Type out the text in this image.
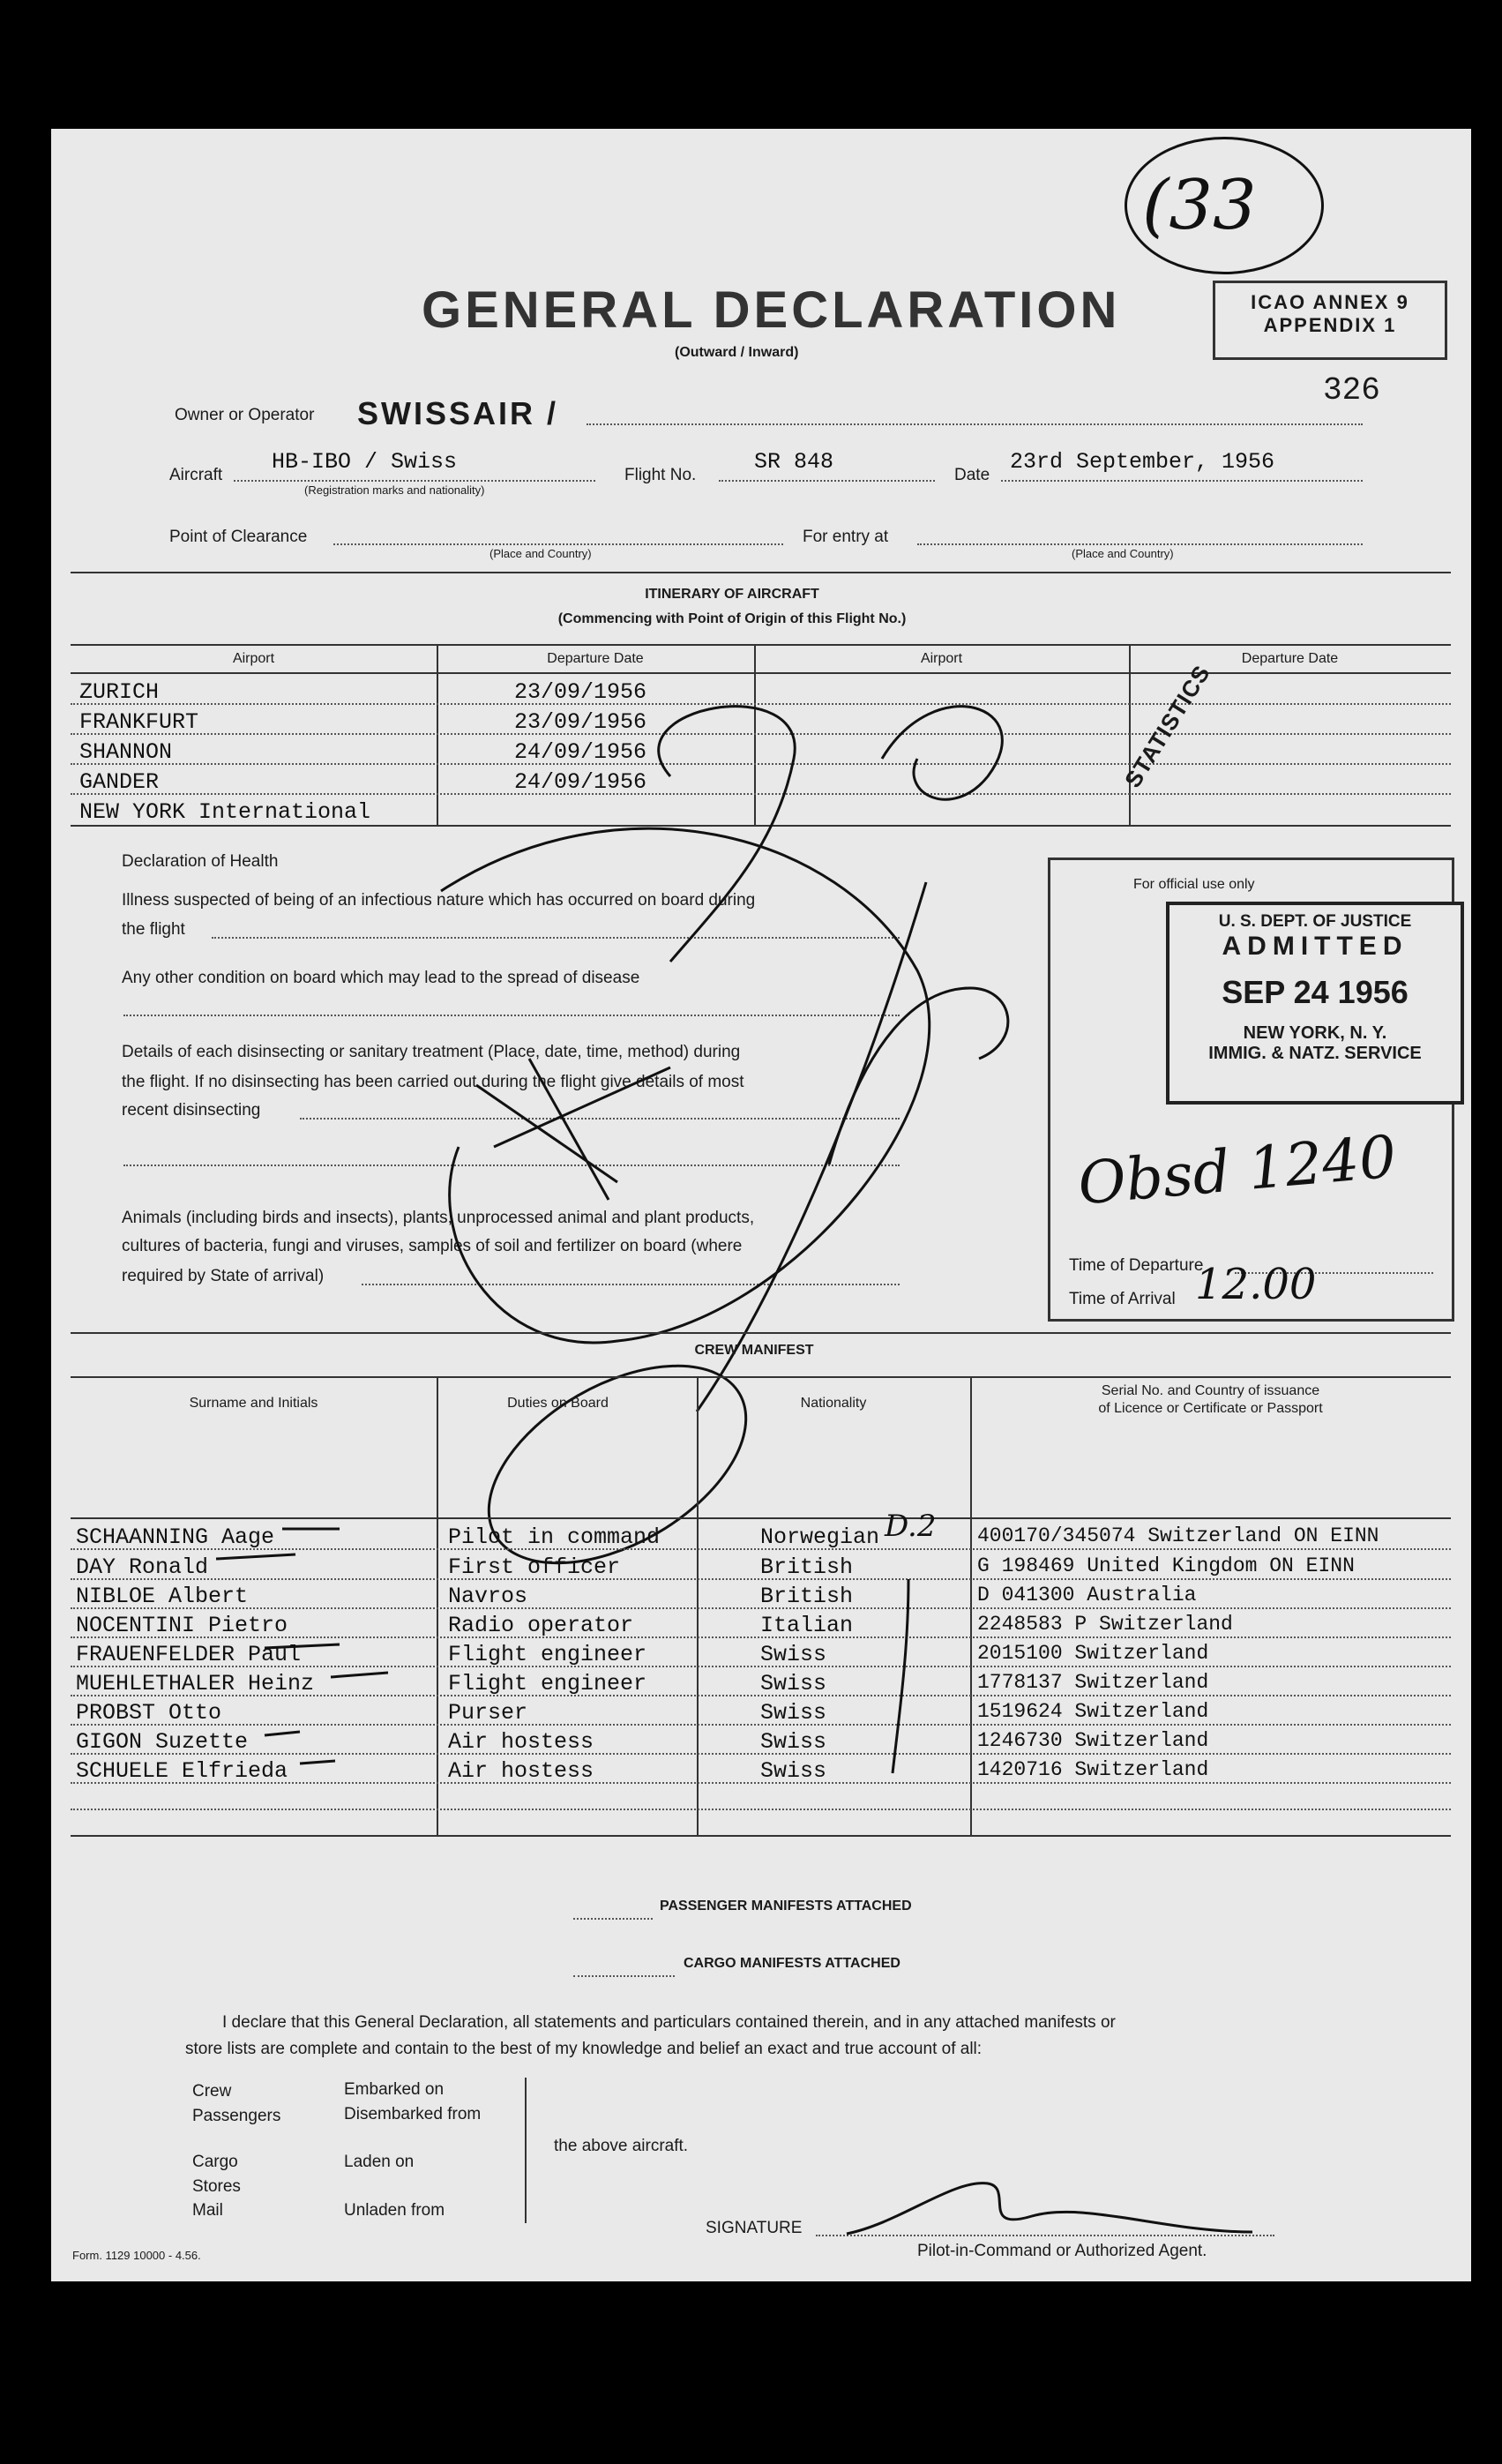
(33
ICAO ANNEX 9
APPENDIX 1
GENERAL DECLARATION
(Outward / Inward)
326
Owner or Operator SWISSAIR /
Aircraft
HB-IBO / Swiss
(Registration marks and nationality)
Flight No.
SR 848
Date
23rd September, 1956
Point of Clearance
(Place and Country)
For entry at
(Place and Country)
ITINERARY OF AIRCRAFT
(Commencing with Point of Origin of this Flight No.)
Airport	Departure Date	Airport	Departure Date
ZURICH	23/09/1956
FRANKFURT	23/09/1956
SHANNON	24/09/1956
GANDER	24/09/1956
NEW YORK International
STATISTICS
Declaration of Health
Illness suspected of being of an infectious nature which has occurred on board during
the flight
Any other condition on board which may lead to the spread of disease
Details of each disinsecting or sanitary treatment (Place, date, time, method) during
the flight. If no disinsecting has been carried out during the flight give details of most
recent disinsecting
Animals (including birds and insects), plants, unprocessed animal and plant products,
cultures of bacteria, fungi and viruses, samples of soil and fertilizer on board (where
required by State of arrival)
For official use only
U. S. DEPT. OF JUSTICE
ADMITTED
SEP 24 1956
NEW YORK, N. Y.
IMMIG. & NATZ. SERVICE
Obsd 1240
Time of Departure
Time of Arrival 12.00
CREW MANIFEST
Surname and Initials	Duties on Board	Nationality
Serial No. and Country of issuance
of Licence or Certificate or Passport
SCHAANNING Aage	Pilot in command	Norwegian	400170/345074 Switzerland ON EINN
DAY Ronald	First officer	British	G 198469 United Kingdom ON EINN
NIBLOE Albert	Navros	British	D 041300 Australia
NOCENTINI Pietro	Radio operator	Italian	2248583 P Switzerland
FRAUENFELDER Paul	Flight engineer	Swiss	2015100 Switzerland
MUEHLETHALER Heinz	Flight engineer	Swiss	1778137 Switzerland
PROBST Otto	Purser	Swiss	1519624 Switzerland
GIGON Suzette	Air hostess	Swiss	1246730 Switzerland
SCHUELE Elfrieda	Air hostess	Swiss	1420716 Switzerland
D.2
PASSENGER MANIFESTS ATTACHED
CARGO MANIFESTS ATTACHED
I declare that this General Declaration, all statements and particulars contained therein, and in any attached manifests or
store lists are complete and contain to the best of my knowledge and belief an exact and true account of all:
Crew
Passengers
Embarked on
Disembarked from
Cargo
Stores
Mail
Laden on
Unladen from
the above aircraft.
SIGNATURE
Pilot-in-Command or Authorized Agent.
Form. 1129 10000 - 4.56.
